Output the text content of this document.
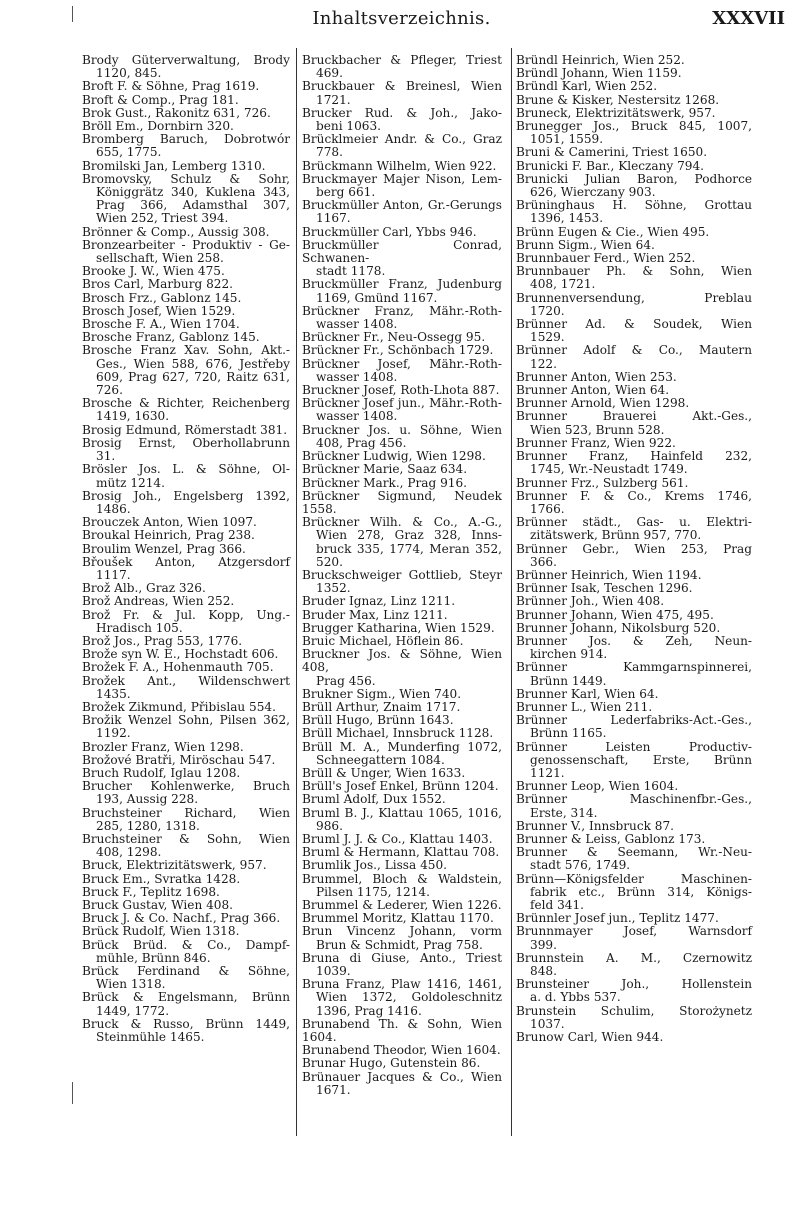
Inhaltsverzeichnis.	XXXVII
Brody Güterverwaltung, Brody
1120, 845.
Broft F. & Söhne, Prag 1619.
Broft & Comp., Prag 181.
Brok Gust., Rakonitz 631, 726.
Bröll Em., Dornbirn 320.
Bromberg Baruch, Dobrotwór
655, 1775.
Bromilski Jan, Lemberg 1310.
Bromovsky, Schulz & Sohr,
Königgrätz 340, Kuklena 343,
Prag 366, Adamsthal 307,
Wien 252, Triest 394.
Brönner & Comp., Aussig 308.
Bronzearbeiter - Produktiv - Ge-
sellschaft, Wien 258.
Brooke J. W., Wien 475.
Bros Carl, Marburg 822.
Brosch Frz., Gablonz 145.
Brosch Josef, Wien 1529.
Brosche F. A., Wien 1704.
Brosche Franz, Gablonz 145.
Brosche Franz Xav. Sohn, Akt.-
Ges., Wien 588, 676, Jestřeby
609, Prag 627, 720, Raitz 631,
726.
Brosche & Richter, Reichenberg
1419, 1630.
Brosig Edmund, Römerstadt 381.
Brosig Ernst, Oberhollabrunn
31.
Brösler Jos. L. & Söhne, Ol-
mütz 1214.
Brosig Joh., Engelsberg 1392,
1486.
Brouczek Anton, Wien 1097.
Broukal Heinrich, Prag 238.
Broulim Wenzel, Prag 366.
Břoušek Anton, Atzgersdorf
1117.
Brož Alb., Graz 326.
Brož Andreas, Wien 252.
Brož Fr. & Jul. Kopp, Ung.-
Hradisch 105.
Brož Jos., Prag 553, 1776.
Brože syn W. E., Hochstadt 606.
Brožek F. A., Hohenmauth 705.
Brožek Ant., Wildenschwert
1435.
Brožek Zikmund, Přibislau 554.
Brožik Wenzel Sohn, Pilsen 362,
1192.
Brozler Franz, Wien 1298.
Brožové Bratři, Miröschau 547.
Bruch Rudolf, Iglau 1208.
Brucher Kohlenwerke, Bruch
193, Aussig 228.
Bruchsteiner Richard, Wien
285, 1280, 1318.
Bruchsteiner & Sohn, Wien
408, 1298.
Bruck, Elektrizitätswerk, 957.
Bruck Em., Svratka 1428.
Bruck F., Teplitz 1698.
Bruck Gustav, Wien 408.
Bruck J. & Co. Nachf., Prag 366.
Brück Rudolf, Wien 1318.
Brück Brüd. & Co., Dampf-
mühle, Brünn 846.
Brück Ferdinand & Söhne,
Wien 1318.
Brück & Engelsmann, Brünn
1449, 1772.
Bruck & Russo, Brünn 1449,
Steinmühle 1465.
Bruckbacher & Pfleger, Triest
469.
Bruckbauer & Breinesl, Wien
1721.
Brucker Rud. & Joh., Jako-
beni 1063.
Brücklmeier Andr. & Co., Graz
778.
Brückmann Wilhelm, Wien 922.
Bruckmayer Majer Nison, Lem-
berg 661.
Bruckmüller Anton, Gr.-Gerungs
1167.
Bruckmüller Carl, Ybbs 946.
Bruckmüller Conrad, Schwanen-
stadt 1178.
Bruckmüller Franz, Judenburg
1169, Gmünd 1167.
Brückner Franz, Mähr.-Roth-
wasser 1408.
Brückner Fr., Neu-Ossegg 95.
Brückner Fr., Schönbach 1729.
Brückner Josef, Mähr.-Roth-
wasser 1408.
Bruckner Josef, Roth-Lhota 887.
Brückner Josef jun., Mähr.-Roth-
wasser 1408.
Bruckner Jos. u. Söhne, Wien
408, Prag 456.
Brückner Ludwig, Wien 1298.
Brückner Marie, Saaz 634.
Brückner Mark., Prag 916.
Brückner Sigmund, Neudek 1558.
Brückner Wilh. & Co., A.-G.,
Wien 278, Graz 328, Inns-
bruck 335, 1774, Meran 352, 520.
Bruckschweiger Gottlieb, Steyr
1352.
Bruder Ignaz, Linz 1211.
Bruder Max, Linz 1211.
Brugger Katharina, Wien 1529.
Bruic Michael, Höflein 86.
Bruckner Jos. & Söhne, Wien 408,
Prag 456.
Brukner Sigm., Wien 740.
Brüll Arthur, Znaim 1717.
Brüll Hugo, Brünn 1643.
Brüll Michael, Innsbruck 1128.
Brüll M. A., Munderfing 1072,
Schneegattern 1084.
Brüll & Unger, Wien 1633.
Brüll's Josef Enkel, Brünn 1204.
Bruml Adolf, Dux 1552.
Bruml B. J., Klattau 1065, 1016,
986.
Bruml J. J. & Co., Klattau 1403.
Bruml & Hermann, Klattau 708.
Brumlik Jos., Lissa 450.
Brummel, Bloch & Waldstein,
Pilsen 1175, 1214.
Brummel & Lederer, Wien 1226.
Brummel Moritz, Klattau 1170.
Brun Vincenz Johann, vorm
Brun & Schmidt, Prag 758.
Bruna di Giuse, Anto., Triest
1039.
Bruna Franz, Plaw 1416, 1461,
Wien 1372, Goldoleschnitz
1396, Prag 1416.
Brunabend Th. & Sohn, Wien 1604.
Brunabend Theodor, Wien 1604.
Brunar Hugo, Gutenstein 86.
Brünauer Jacques & Co., Wien
1671.
Bründl Heinrich, Wien 252.
Bründl Johann, Wien 1159.
Bründl Karl, Wien 252.
Brune & Kisker, Nestersitz 1268.
Bruneck, Elektrizitätswerk, 957.
Brunegger Jos., Bruck 845, 1007,
1051, 1559.
Bruni & Camerini, Triest 1650.
Brunicki F. Bar., Kleczany 794.
Brunicki Julian Baron, Podhorce
626, Wierczany 903.
Brüninghaus H. Söhne, Grottau
1396, 1453.
Brünn Eugen & Cie., Wien 495.
Brunn Sigm., Wien 64.
Brunnbauer Ferd., Wien 252.
Brunnbauer Ph. & Sohn, Wien
408, 1721.
Brunnenversendung, Preblau
1720.
Brünner Ad. & Soudek, Wien
1529.
Brünner Adolf & Co., Mautern
122.
Brunner Anton, Wien 253.
Brunner Anton, Wien 64.
Brunner Arnold, Wien 1298.
Brunner Brauerei Akt.-Ges.,
Wien 523, Brunn 528.
Brunner Franz, Wien 922.
Brunner Franz, Hainfeld 232,
1745, Wr.-Neustadt 1749.
Brunner Frz., Sulzberg 561.
Brunner F. & Co., Krems 1746,
1766.
Brünner städt., Gas- u. Elektri-
zitätswerk, Brünn 957, 770.
Brünner Gebr., Wien 253, Prag
366.
Brünner Heinrich, Wien 1194.
Brünner Isak, Teschen 1296.
Brünner Joh., Wien 408.
Brunner Johann, Wien 475, 495.
Brunner Johann, Nikolsburg 520.
Brunner Jos. & Zeh, Neun-
kirchen 914.
Brünner Kammgarnspinnerei,
Brünn 1449.
Brunner Karl, Wien 64.
Brunner L., Wien 211.
Brünner Lederfabriks-Act.-Ges.,
Brünn 1165.
Brünner Leisten Productiv-
genossenschaft, Erste, Brünn
1121.
Brunner Leop, Wien 1604.
Brünner Maschinenfbr.-Ges.,
Erste, 314.
Brunner V., Innsbruck 87.
Brunner & Leiss, Gablonz 173.
Brunner & Seemann, Wr.-Neu-
stadt 576, 1749.
Brünn—Königsfelder Maschinen-
fabrik etc., Brünn 314, Königs-
feld 341.
Brünnler Josef jun., Teplitz 1477.
Brunnmayer Josef, Warnsdorf
399.
Brunnstein A. M., Czernowitz
848.
Brunsteiner Joh., Hollenstein
a. d. Ybbs 537.
Brunstein Schulim, Storożynetz
1037.
Brunow Carl, Wien 944.
